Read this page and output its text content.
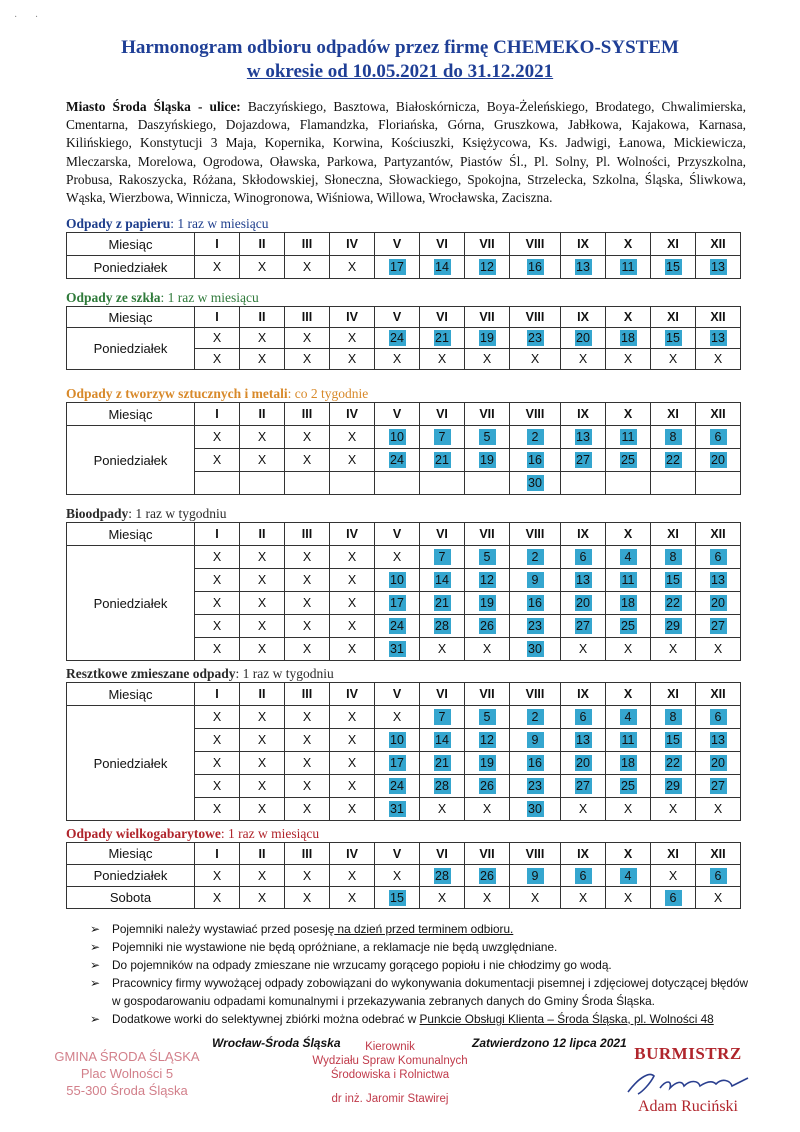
·       ·
Harmonogram odbioru odpadów przez firmę CHEMEKO-SYSTEM
w okresie od 10.05.2021 do 31.12.2021
Miasto Środa Śląska - ulice: Baczyńskiego, Basztowa, Białoskórnicza, Boya-Żeleńskiego, Brodatego, Chwalimierska, Cmentarna, Daszyńskiego, Dojazdowa, Flamandzka, Floriańska, Górna, Gruszkowa, Jabłkowa, Kajakowa, Karnasa, Kilińskiego, Konstytucji 3 Maja, Kopernika, Korwina, Kościuszki, Księżycowa, Ks. Jadwigi, Łanowa, Mickiewicza, Mleczarska, Morelowa, Ogrodowa, Oławska, Parkowa, Partyzantów, Piastów Śl., Pl. Solny, Pl. Wolności, Przyszkolna, Probusa, Rakoszycka, Różana, Skłodowskiej, Słoneczna, Słowackiego, Spokojna, Strzelecka, Szkolna, Śląska, Śliwkowa, Wąska, Wierzbowa, Winnicza, Winogronowa, Wiśniowa, Willowa, Wrocławska, Zaciszna.
Odpady z papieru: 1 raz w miesiącu
Miesiąc	I	II	III	IV	V	VI	VII	VIII	IX	X	XI	XII
Poniedziałek	X	X	X	X	17	14	12	16	13	11	15	13
Odpady ze szkła: 1 raz w miesiącu
Miesiąc	I	II	III	IV	V	VI	VII	VIII	IX	X	XI	XII
Poniedziałek	X	X	X	X	24	21	19	23	20	18	15	13
	X	X	X	X	X	X	X	X	X	X	X	X
Odpady z tworzyw sztucznych i metali: co 2 tygodnie
Miesiąc	I	II	III	IV	V	VI	VII	VIII	IX	X	XI	XII
Poniedziałek	X	X	X	X	10	7	5	2	13	11	8	6
	X	X	X	X	24	21	19	16	27	25	22	20
								30				
Bioodpady: 1 raz w tygodniu
Miesiąc	I	II	III	IV	V	VI	VII	VIII	IX	X	XI	XII
Poniedziałek	X	X	X	X	X	7	5	2	6	4	8	6
	X	X	X	X	10	14	12	9	13	11	15	13
	X	X	X	X	17	21	19	16	20	18	22	20
	X	X	X	X	24	28	26	23	27	25	29	27
	X	X	X	X	31	X	X	30	X	X	X	X
Resztkowe zmieszane odpady: 1 raz w tygodniu
Miesiąc	I	II	III	IV	V	VI	VII	VIII	IX	X	XI	XII
Poniedziałek	X	X	X	X	X	7	5	2	6	4	8	6
	X	X	X	X	10	14	12	9	13	11	15	13
	X	X	X	X	17	21	19	16	20	18	22	20
	X	X	X	X	24	28	26	23	27	25	29	27
	X	X	X	X	31	X	X	30	X	X	X	X
Odpady wielkogabarytowe: 1 raz w miesiącu
Miesiąc	I	II	III	IV	V	VI	VII	VIII	IX	X	XI	XII
Poniedziałek	X	X	X	X	X	28	26	9	6	4	X	6
Sobota	X	X	X	X	15	X	X	X	X	X	6	X
➢ Pojemniki należy wystawiać przed posesję na dzień przed terminem odbioru.
➢ Pojemniki nie wystawione nie będą opróżniane, a reklamacje nie będą uwzględniane.
➢ Do pojemników na odpady zmieszane nie wrzucamy gorącego popiołu i nie chłodzimy go wodą.
➢ Pracownicy firmy wywożącej odpady zobowiązani do wykonywania dokumentacji pisemnej i zdjęciowej dotyczącej błędów w gospodarowaniu odpadami komunalnymi i przekazywania zebranych danych do Gminy Środa Śląska.
➢ Dodatkowe worki do selektywnej zbiórki można odebrać w Punkcie Obsługi Klienta – Środa Śląska, pl. Wolności 48
GMINA ŚRODA ŚLĄSKA
Plac Wolności 5
55-300 Środa Śląska
Wrocław-Środa Śląska	Zatwierdzono 12 lipca 2021
Kierownik
Wydziału Spraw Komunalnych
Środowiska i Rolnictwa
dr inż. Jaromir Stawirej
BURMISTRZ
Adam Ruciński
